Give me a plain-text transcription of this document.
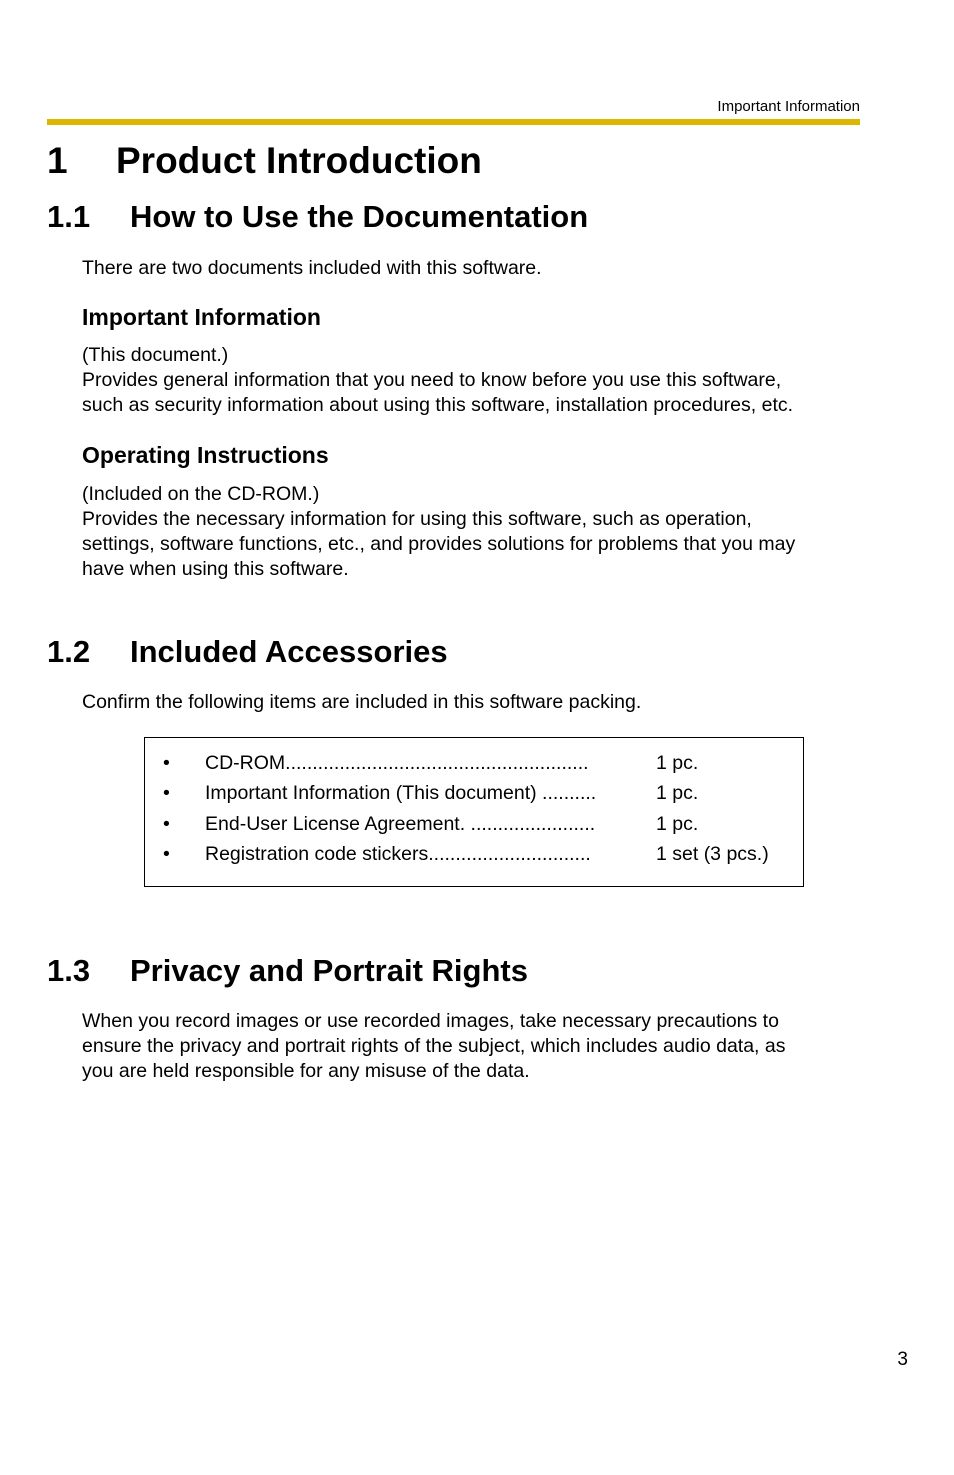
Important Information
1 Product Introduction
1.1 How to Use the Documentation

There are two documents included with this software.

Important Information

(This document.)
Provides general information that you need to know before you use this software,
such as security information about using this software, installation procedures, etc.

Operating Instructions

(Included on the CD-ROM.)
Provides the necessary information for using this software, such as operation,
settings, software functions, etc., and provides solutions for problems that you may
have when using this software.

1.2 Included Accessories

Confirm the following items are included in this software packing.

• CD-ROM........................................................	1 pc.
• Important Information (This document) ..........	1 pc.
• End-User License Agreement. .......................	1 pc.
• Registration code stickers..............................	1 set (3 pcs.)
1.3 Privacy and Portrait Rights

When you record images or use recorded images, take necessary precautions to
ensure the privacy and portrait rights of the subject, which includes audio data, as
you are held responsible for any misuse of the data.

3
